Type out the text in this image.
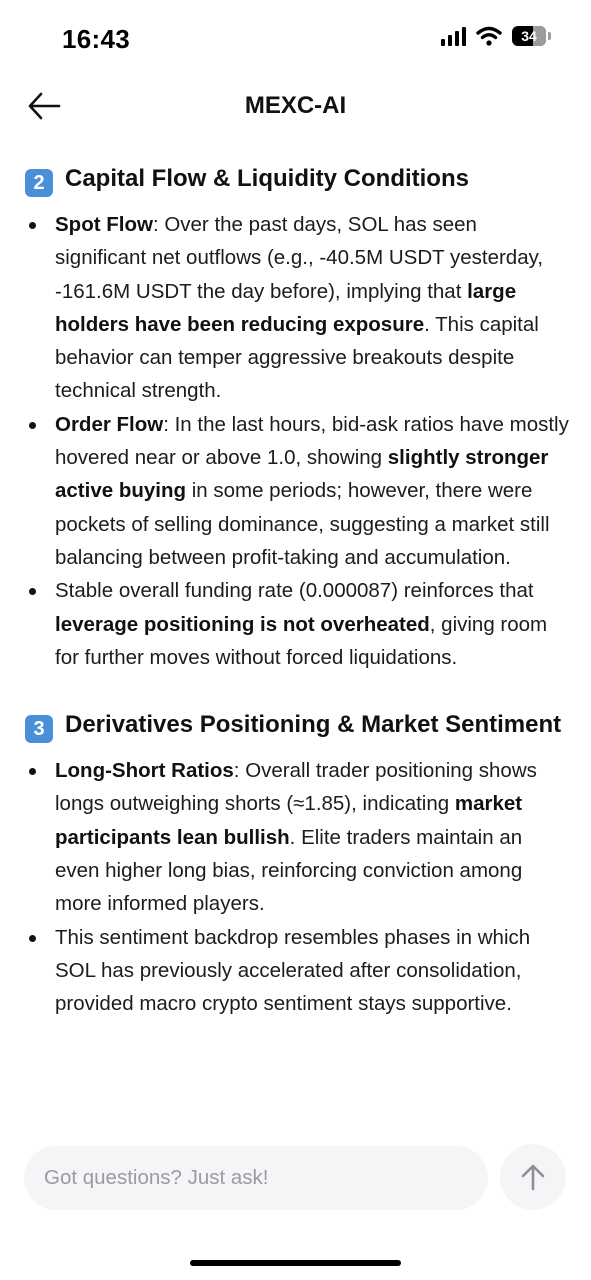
16:43	34
MEXC-AI
2 Capital Flow & Liquidity Conditions
Spot Flow: Over the past days, SOL has seen significant net outflows (e.g., -40.5M USDT yesterday, -161.6M USDT the day before), implying that large holders have been reducing exposure. This capital behavior can temper aggressive breakouts despite technical strength.
Order Flow: In the last hours, bid-ask ratios have mostly hovered near or above 1.0, showing slightly stronger active buying in some periods; however, there were pockets of selling dominance, suggesting a market still balancing between profit-taking and accumulation.
Stable overall funding rate (0.000087) reinforces that leverage positioning is not overheated, giving room for further moves without forced liquidations.
3 Derivatives Positioning & Market Sentiment
Long-Short Ratios: Overall trader positioning shows longs outweighing shorts (≈1.85), indicating market participants lean bullish. Elite traders maintain an even higher long bias, reinforcing conviction among more informed players.
This sentiment backdrop resembles phases in which SOL has previously accelerated after consolidation, provided macro crypto sentiment stays supportive.
Got questions? Just ask!
